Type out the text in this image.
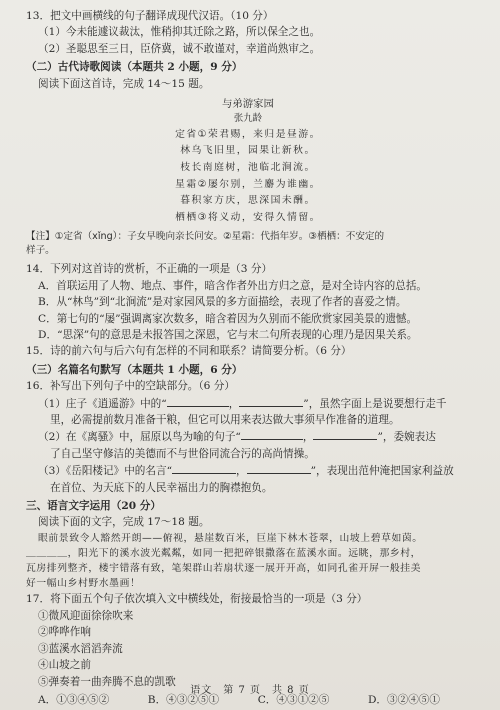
13．把文中画横线的句子翻译成现代汉语。（10 分）
（1）今未能遽议裁汰，惟稍抑其迁除之路，所以保全之也。
（2）圣聪思至三日，臣侪冀，诚不敢谨对，幸道尚熟审之。
（二）古代诗歌阅读（本题共 2 小题，9 分）
阅读下面这首诗，完成 14～15 题。
与弟游家园
张九龄
定省①荣君赐，来归是昼游。
林乌飞旧里，园果让新秋。
枝长南庭树，池临北涧流。
星霜②屡尔别，兰麝为谁幽。
暮积家方庆，思深国未酬。
栖栖③将义动，安得久情留。
【注】①定省（xǐng）：子女早晚向亲长问安。②星霜：代指年岁。③栖栖：不安定的
样子。
14．下列对这首诗的赏析，不正确的一项是（3 分）
A．首联运用了人物、地点、事件，暗含作者外出方归之意，是对全诗内容的总括。
B．从“林鸟”到“北涧流”是对家园风景的多方面描绘，表现了作者的喜爱之情。
C．第七句的“屡”强调离家次数多，暗含着因为久别而不能欣赏家园美景的遗憾。
D．“思深”句的意思是未报答国之深恩，它与末二句所表现的心理乃是因果关系。
15．诗的前六句与后六句有怎样的不同和联系？请简要分析。（6 分）
（三）名篇名句默写（本题共 1 小题，6 分）
16．补写出下列句子中的空缺部分。（6 分）
（1）庄子《逍遥游》中的“	，	”，虽然字面上是说要想行走千
里，必需提前数月准备干粮，但它可以用来表达做大事须早作准备的道理。
（2）在《离骚》中，屈原以鸟为喻的句子“	，	”，委婉表达
了自己坚守修洁的美德而不与世俗同流合污的高尚情操。
（3）《岳阳楼记》中的名言“	，	”，表现出范仲淹把国家利益放
在首位、为天底下的人民幸福出力的胸襟抱负。
三、语言文字运用（20 分）
阅读下面的文字，完成 17～18 题。
眼前景致令人豁然开朗——俯视，悬崖数百米，巨崖下林木苍翠，山坡上碧草如茵。
＿＿＿＿，阳光下的溪水波光粼粼，如同一把把碎银撒落在蓝溪水面。远眺，那乡村，
瓦房排列整齐，楼宇错落有致，笔架群山若扇状逐一展开开高，如同孔雀开屏一般挂美
好一幅山乡村野水墨画！
17．将下面五个句子依次填入文中横线处，衔接最恰当的一项是（3 分）
①微风迎面徐徐吹来
②哗哗作响
③蓝溪水滔滔奔流
④山坡之前
⑤弹奏着一曲奔腾不息的凯歌
A．①③④⑤②	B．④③②⑤①	C．④③①②⑤	D．③②④⑤①
语文　第 7 页　共 8 页
